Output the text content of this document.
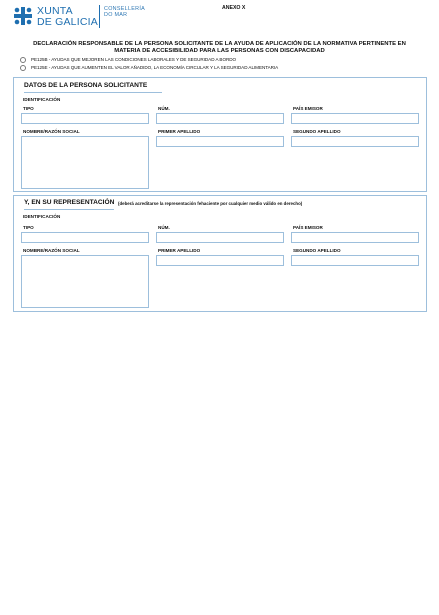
XUNTA
DE GALICIA
CONSELLERÍA
DO MAR
ANEXO X
DECLARACIÓN RESPONSABLE DE LA PERSONA SOLICITANTE DE LA AYUDA DE APLICACIÓN DE LA NORMATIVA PERTINENTE EN
MATERIA DE ACCESIBILIDAD PARA LAS PERSONAS CON DISCAPACIDAD
PE125B - AYUDAS QUE MEJOREN LAS CONDICIONES LABORALES Y DE SEGURIDAD A BORDO
PE125E - AYUDAS QUE AUMENTEN EL VALOR AÑADIDO, LA ECONOMÍA CIRCULAR Y LA SEGURIDAD ALIMENTARIA
DATOS DE LA PERSONA SOLICITANTE
IDENTIFICACIÓN
TIPO	NÚM.	PAÍS EMISOR
NOMBRE/RAZÓN SOCIAL	PRIMER APELLIDO	SEGUNDO APELLIDO
Y, EN SU REPRESENTACIÓN (deberá acreditarse la representación fehaciente por cualquier medio válido en derecho)
IDENTIFICACIÓN
TIPO	NÚM.	PAÍS EMISOR
NOMBRE/RAZÓN SOCIAL	PRIMER APELLIDO	SEGUNDO APELLIDO
